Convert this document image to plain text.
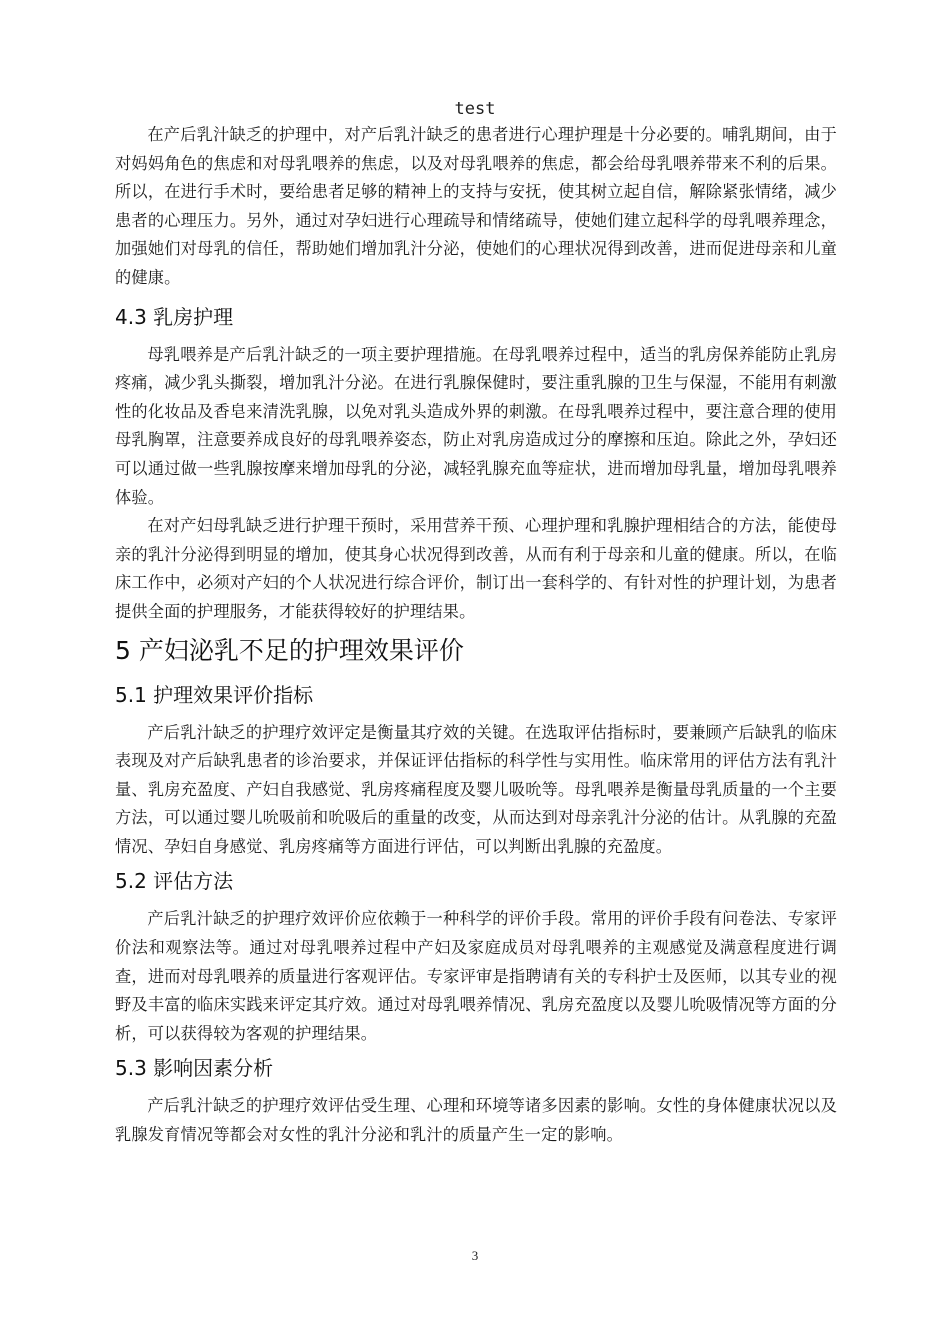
test

在产后乳汁缺乏的护理中，对产后乳汁缺乏的患者进行心理护理是十分必要的。哺乳期间，由于对妈妈角色的焦虑和对母乳喂养的焦虑，以及对母乳喂养的焦虑，都会给母乳喂养带来不利的后果。所以，在进行手术时，要给患者足够的精神上的支持与安抚，使其树立起自信，解除紧张情绪，减少患者的心理压力。另外，通过对孕妇进行心理疏导和情绪疏导，使她们建立起科学的母乳喂养理念，加强她们对母乳的信任，帮助她们增加乳汁分泌，使她们的心理状况得到改善，进而促进母亲和儿童的健康。

4.3 乳房护理

母乳喂养是产后乳汁缺乏的一项主要护理措施。在母乳喂养过程中，适当的乳房保养能防止乳房疼痛，减少乳头撕裂，增加乳汁分泌。在进行乳腺保健时，要注重乳腺的卫生与保湿，不能用有刺激性的化妆品及香皂来清洗乳腺，以免对乳头造成外界的刺激。在母乳喂养过程中，要注意合理的使用母乳胸罩，注意要养成良好的母乳喂养姿态，防止对乳房造成过分的摩擦和压迫。除此之外，孕妇还可以通过做一些乳腺按摩来增加母乳的分泌，减轻乳腺充血等症状，进而增加母乳量，增加母乳喂养体验。

在对产妇母乳缺乏进行护理干预时，采用营养干预、心理护理和乳腺护理相结合的方法，能使母亲的乳汁分泌得到明显的增加，使其身心状况得到改善，从而有利于母亲和儿童的健康。所以，在临床工作中，必须对产妇的个人状况进行综合评价，制订出一套科学的、有针对性的护理计划，为患者提供全面的护理服务，才能获得较好的护理结果。

5 产妇泌乳不足的护理效果评价
5.1 护理效果评价指标

产后乳汁缺乏的护理疗效评定是衡量其疗效的关键。在选取评估指标时，要兼顾产后缺乳的临床表现及对产后缺乳患者的诊治要求，并保证评估指标的科学性与实用性。临床常用的评估方法有乳汁量、乳房充盈度、产妇自我感觉、乳房疼痛程度及婴儿吸吮等。母乳喂养是衡量母乳质量的一个主要方法，可以通过婴儿吮吸前和吮吸后的重量的改变，从而达到对母亲乳汁分泌的估计。从乳腺的充盈情况、孕妇自身感觉、乳房疼痛等方面进行评估，可以判断出乳腺的充盈度。

5.2 评估方法

产后乳汁缺乏的护理疗效评价应依赖于一种科学的评价手段。常用的评价手段有问卷法、专家评价法和观察法等。通过对母乳喂养过程中产妇及家庭成员对母乳喂养的主观感觉及满意程度进行调查，进而对母乳喂养的质量进行客观评估。专家评审是指聘请有关的专科护士及医师，以其专业的视野及丰富的临床实践来评定其疗效。通过对母乳喂养情况、乳房充盈度以及婴儿吮吸情况等方面的分析，可以获得较为客观的护理结果。

5.3 影响因素分析

产后乳汁缺乏的护理疗效评估受生理、心理和环境等诸多因素的影响。女性的身体健康状况以及乳腺发育情况等都会对女性的乳汁分泌和乳汁的质量产生一定的影响。

3
